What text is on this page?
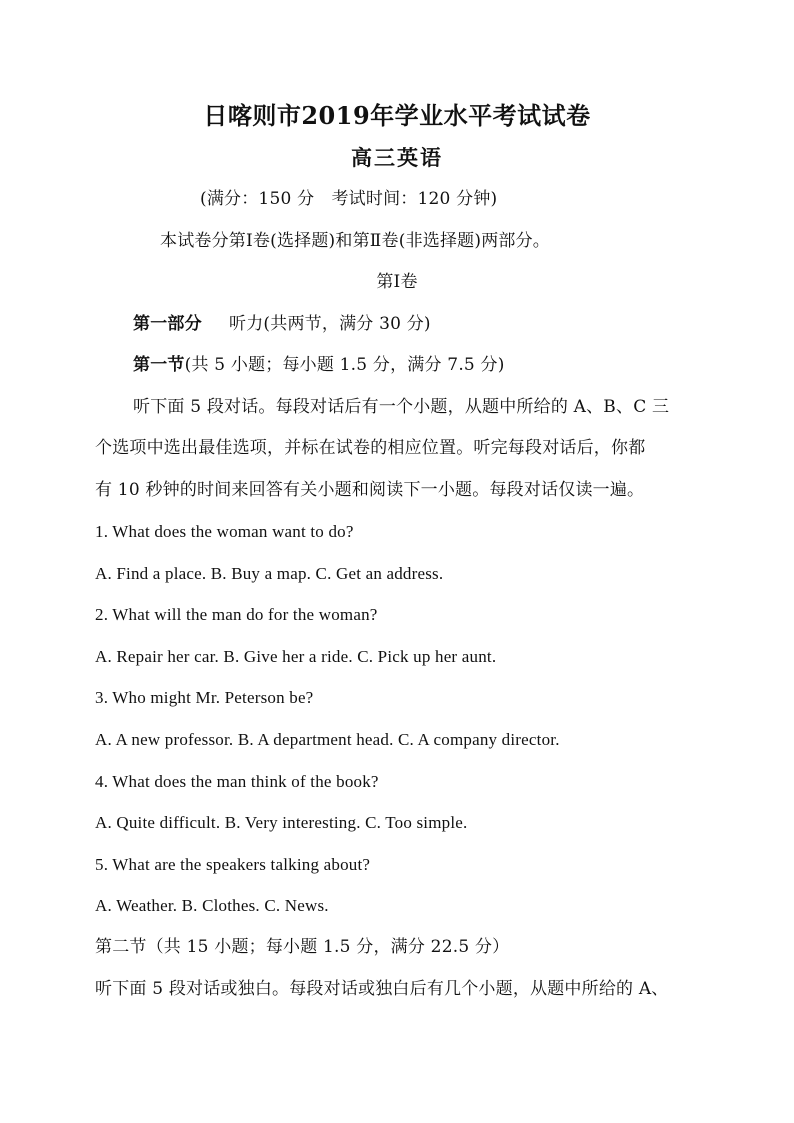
日喀则市2019年学业水平考试试卷
高三英语
(满分：150 分　考试时间：120 分钟)
本试卷分第Ⅰ卷(选择题)和第Ⅱ卷(非选择题)两部分。
第Ⅰ卷
第一部分 听力(共两节，满分 30 分)
第一节(共 5 小题；每小题 1.5 分，满分 7.5 分)
听下面 5 段对话。每段对话后有一个小题，从题中所给的 A、B、C 三
个选项中选出最佳选项，并标在试卷的相应位置。听完每段对话后，你都
有 10 秒钟的时间来回答有关小题和阅读下一小题。每段对话仅读一遍。
1. What does the woman want to do?
A. Find a place. B. Buy a map. C. Get an address.
2. What will the man do for the woman?
A. Repair her car. B. Give her a ride. C. Pick up her aunt.
3. Who might Mr. Peterson be?
A. A new professor. B. A department head. C. A company director.
4. What does the man think of the book?
A. Quite difficult. B. Very interesting. C. Too simple.
5. What are the speakers talking about?
A. Weather. B. Clothes. C. News.
第二节（共 15 小题；每小题 1.5 分，满分 22.5 分）
听下面 5 段对话或独白。每段对话或独白后有几个小题，从题中所给的 A、
